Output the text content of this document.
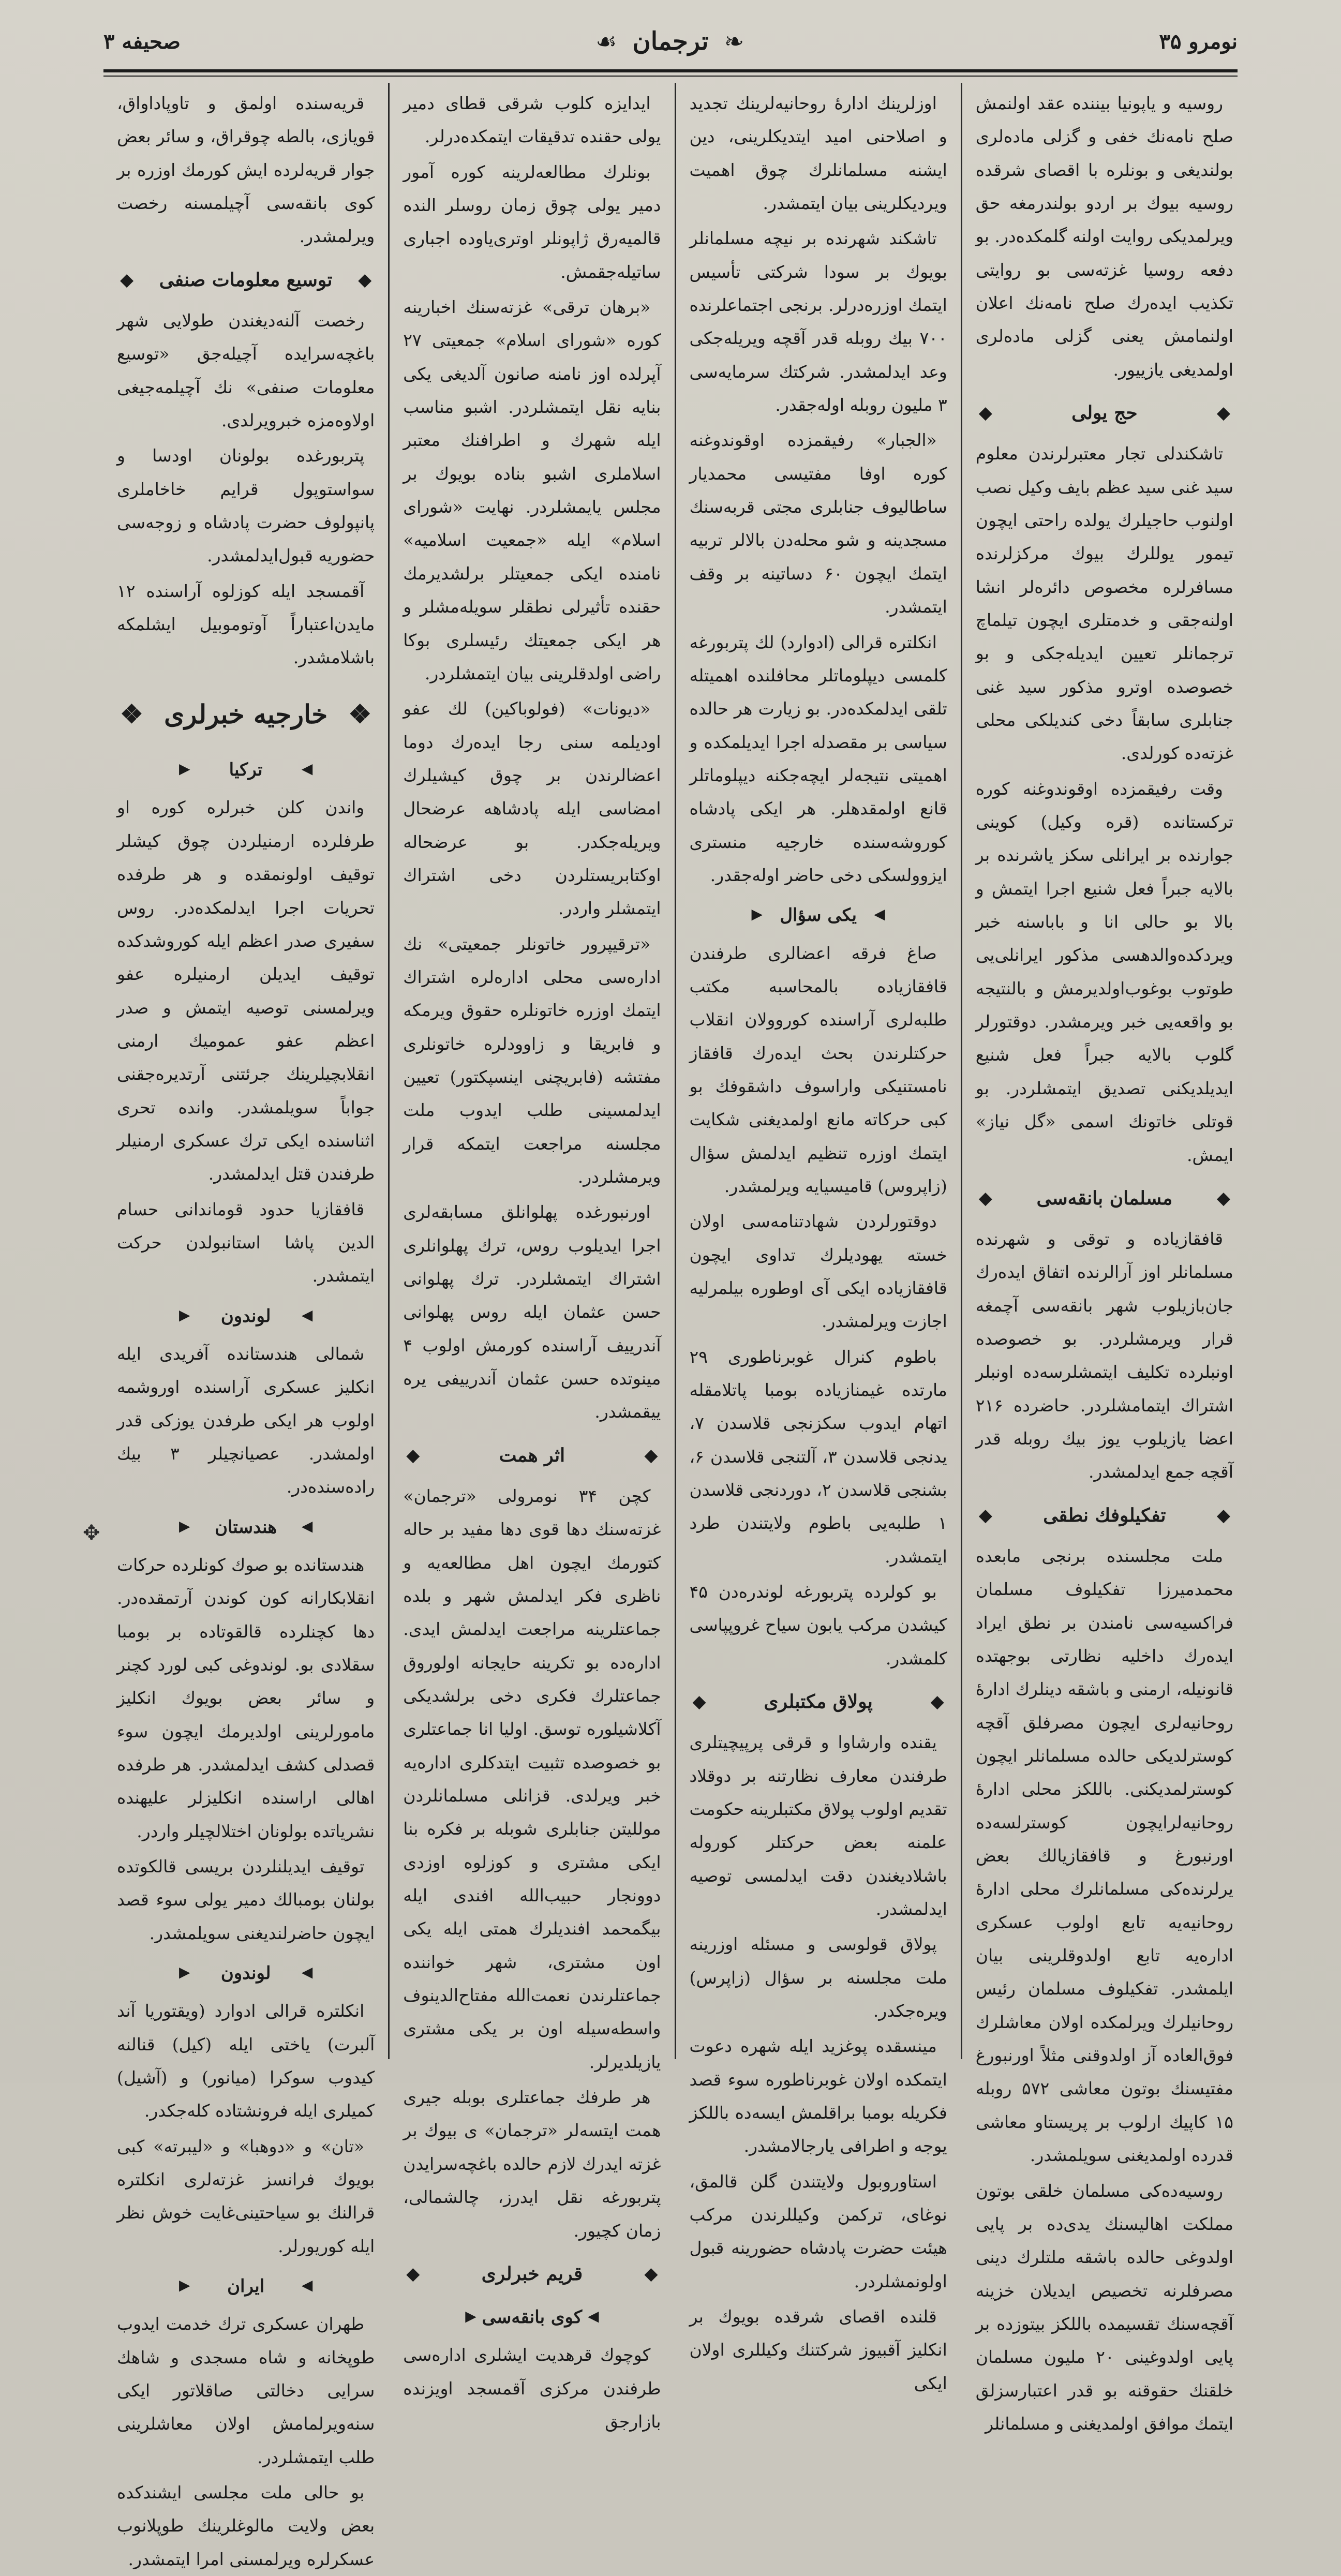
نومرو ۳۵
❧
ترجمان
☙
صحيفه ۳
روسيه و ياپونيا بيننده عقد اولنمش صلح نامه‌نك خفى و گزلى ماده‌لرى بولنديغى و بونلره با اقصاى شرقده روسيه بيوك بر اردو بولندرمغه حق ويرلمديكى روايت اولنه گلمكده‌در. بو دفعه روسيا غزته‌سى بو روايتى تكذيب ايده‌رك صلح نامه‌نك اعلان اولنمامش يعنى گزلى ماده‌لرى اولمديغى يازييور.
◆ حج يولى ◆
تاشكندلى تجار معتبرلرندن معلوم سيد غنى سيد عظم بايف وكيل نصب اولنوب حاجيلرك يولده راحتى ايچون تيمور يوللرك بيوك مركزلرنده مسافرلره مخصوص دائره‌لر انشا اولنه‌جقى و خدمتلرى ايچون تيلماچ ترجمانلر تعيين ايديله‌جكى و بو خصوصده اوترو مذكور سيد غنى جنابلرى سابقاً دخى كنديلكى محلى غزته‌ده كورلدى.
وقت رفيقمزده اوقوندوغنه كوره تركستانده (قره وكيل) كوينى جوارنده بر ايرانلى سكز ياشرنده بر بالايه جبراً فعل شنيع اجرا ايتمش و بالا بو حالى انا و باباسنه خبر ويردكده‌والدهسى مذكور ايرانلى‌يى طوتوب بوغوب‌اولديرمش و بالنتيجه بو واقعه‌يى خبر ويرمشدر. دوقتورلر گلوب بالايه جبراً فعل شنيع ايديلديكنى تصديق ايتمشلردر. بو قوتلى خاتونك اسمى «گل نياز» ايمش.
◆ مسلمان بانقه‌سى ◆
قافقازياده و توقى و شهرنده مسلمانلر اوز آرالرنده اتفاق ايده‌رك جان‌بازيلوب شهر بانقه‌سى آچمغه قرار ويرمشلردر. بو خصوصده اونبلرده تكليف ايتمشلرسه‌ده اونبلر اشتراك ايتمامشلردر. حاضرده ۲۱۶ اعضا يازيلوب يوز بيك روبله قدر آقچه جمع ايدلمشدر.
◆ تفكيلوفك نطقى ◆
ملت مجلسنده برنجى مابعده محمدميرزا تفكيلوف مسلمان فراكسيه‌سى نامندن بر نطق ايراد ايده‌رك داخليه نظارتى بوجهتده قانونيله، ارمنى و باشقه دينلرك ادارهٔ روحانيه‌لرى ايچون مصرفلق آقچه كوسترلديكى حالده مسلمانلر ايچون كوسترلمديكنى. باللكز محلى ادارهٔ روحانيه‌لرايچون كوسترلسه‌ده اورنبورغ و قافقازيالك بعض يرلرنده‌كى مسلمانلرك محلى ادارهٔ روحانيه‌يه تابع اولوب عسكرى اداره‌يه تابع اولدوقلرينى بيان ايلمشدر. تفكيلوف مسلمان رئيس روحانيلرك ويرلمكده اولان معاشلرك فوق‌العاده آز اولدوقنى مثلاً اورنبورغ مفتيسنك بوتون معاشى ۵۷۲ روبله ۱۵ كاپيك ارلوب بر پريستاو معاشى قدرده اولمديغنى سويلمشدر.
روسيه‌ده‌كى مسلمان خلقى بوتون مملكت اهاليسنك يدى‌ده بر پايى اولدوغى حالده باشقه ملتلرك دينى مصرفلرنه تخصيص ايديلان خزينه آقچه‌سنك تقسيمده باللكز بيتوزده بر پايى اولدوغينى ۲۰ مليون مسلمان خلقنك حقوقنه بو قدر اعتبارسزلق ايتمك موافق اولمديغنى و مسلمانلر
اوزلرينك ادارهٔ روحانيه‌لرينك تجديد و اصلاحنى اميد ايتديكلرينى، دين ايشنه مسلمانلرك چوق اهميت ويرديكلرينى بيان ايتمشدر.
تاشكند شهرنده بر نيچه مسلمانلر بويوك بر سودا شركتى تأسيس ايتمك اوزره‌درلر. برنجى اجتماعلرنده ۷۰۰ بيك روبله قدر آقچه ويريله‌جكى وعد ايدلمشدر. شركتك سرمايه‌سى ۳ مليون روبله اوله‌جقدر.
«الجبار» رفيقمزده اوقوندوغنه كوره اوفا مفتيسى محمديار ساطاليوف جنابلرى مجتى قربه‌سنك مسجدينه و شو محله‌دن بالالر تربيه ايتمك ايچون ۶۰ دساتينه بر وقف ايتمشدر.
انكلتره قرالى (ادوارد) لك پتربورغه كلمسى ديپلوماتلر محافلنده اهميتله تلقى ايدلمكده‌در. بو زيارت هر حالده سياسى بر مقصدله اجرا ايديلمكده و اهميتى نتيجه‌لر ايچه‌جكنه ديپلوماتلر قانع اولمقدهلر. هر ايكى پادشاه كوروشه‌سنده خارجيه منسترى ايزوولسكى دخى حاضر اوله‌جقدر.
◀ يكى سؤال ▶
صاغ فرقه اعضالرى طرفندن قافقازياده بالمحاسبه مكتب طلبه‌لرى آراسنده كوروولان انقلاب حركتلرندن بحث ايده‌رك قافقاز نامستنيكى واراسوف داشقوفك بو كبى حركاته مانع اولمديغنى شكايت ايتمك اوزره تنظيم ايدلمش سؤال (زاپروس) قاميسيايه ويرلمشدر.
دوقتورلردن شهادتنامه‌سى اولان خسته يهوديلرك تداوى ايچون قافقازياده ايكى آى اوطوره بيلمرليه اجازت ويرلمشدر.
باطوم كنرال غوبرناطورى ۲۹ مارتده غيمنازياده بومبا پاتلامقله اتهام ايدوب سكزنجى قلاسدن ۷، يدنجى قلاسدن ۳، آلتنجى قلاسدن ۶، بشنجى قلاسدن ۲، دوردنجى قلاسدن ۱ طلبه‌يى باطوم ولايتندن طرد ايتمشدر.
بو كولرده پتربورغه لوندره‌دن ۴۵ كيشدن مركب يابون سياح غروپپاسى كلمشدر.
◆ پولاق مكتبلرى ◆
يقنده وارشاوا و قرقى پرپيچيتلرى طرفندن معارف نظارتنه بر دوقلاد تقديم اولوب پولاق مكتبلرينه حكومت علمنه بعض حركتلر كوروله باشلاديغندن دقت ايدلمسى توصيه ايدلمشدر.
پولاق قولوسى و مسئله اوزرينه ملت مجلسنه بر سؤال (زاپرس) ويره‌جكدر.
مينسقده پوغزيد ايله شهره دعوت ايتمكده اولان غوبرناطوره سوء قصد فكريله بومبا براقلمش ايسه‌ده باللكز يوجه و اطرافى يارجالامشدر.
استاوروبول ولايتندن گلن قالمق، نوغاى، تركمن وكيللرندن مركب هيئت حضرت پادشاه حضورينه قبول اولونمشلردر.
قلنده اقصاى شرقده بويوك بر انكليز آقبيوز شركتنك وكيللرى اولان ايكى
ايدايزه كلوب شرقى قطاى دمير يولى حقنده تدقيقات ايتمكده‌درلر.
بونلرك مطالعه‌لرينه كوره آمور دمير يولى چوق زمان روسلر النده قالميه‌رق ژاپونلر اوترى‌ياوده اجبارى ساتيله‌جقمش.
«برهان ترقى» غزته‌سنك اخبارينه كوره «شوراى اسلام» جمعيتى ۲۷ آپرلده اوز نامنه صانون آلديغى يكى بنايه نقل ايتمشلردر. اشبو مناسب ايله شهرك و اطرافنك معتبر اسلاملرى اشبو بناده بويوك بر مجلس يايمشلردر. نهايت «شوراى اسلام» ايله «جمعيت اسلاميه» نامنده ايكى جمعيتلر برلشديرمك حقنده تأثيرلى نطقلر سويله‌مشلر و هر ايكى جمعيتك رئيسلرى بوكا راضى اولدقلرينى بيان ايتمشلردر.
«ديونات» (فولوباكين) لك عفو اوديلمه سنى رجا ايده‌رك دوما اعضالرندن بر چوق كيشيلرك امضاسى ايله پادشاهه عرضحال ويريله‌جكدر. بو عرضحاله اوكتابريستلردن دخى اشتراك ايتمشلر واردر.
«ترقيپرور خاتونلر جمعيتى» نك اداره‌سى محلى اداره‌لره اشتراك ايتمك اوزره خاتونلره حقوق ويرمكه و فابريقا و زاوودلره خاتونلرى مفتشه (فابريچنى اينسپكتور) تعيين ايدلمسينى طلب ايدوب ملت مجلسنه مراجعت ايتمكه قرار ويرمشلردر.
اورنبورغده پهلوانلق مسابقه‌لرى اجرا ايديلوب روس، ترك پهلوانلرى اشتراك ايتمشلردر. ترك پهلوانى حسن عثمان ايله روس پهلوانى آندرييف آراسنده كورمش اولوب ۴ مينوتده حسن عثمان آندرييفى يره ييقمشدر.
◆ اثر همت ◆
كچن ۳۴ نومرولى «ترجمان» غزته‌سنك دها قوى دها مفيد بر حاله كتورمك ايچون اهل مطالعه‌يه و ناظرى فكر ايدلمش شهر و بلده جماعتلرينه مراجعت ايدلمش ايدى. اداره‌ده بو تكرينه حايجانه اولوروق جماعتلرك فكرى دخى برلشديكى آكلاشيلوره توسق. اوليا انا جماعتلرى بو خصوصده تثبيت ايتدكلرى اداره‌يه خبر ويرلدى. قزانلى مسلمانلردن مولليتن جنابلرى شوبله بر فكره بنا ايكى مشترى و كوزلوه اوزدى دوونجار حبيب‌الله افندى ايله بيگمحمد افنديلرك همتى ايله يكى اون مشترى، شهر خواننده جماعتلرندن نعمت‌الله مفتاح‌الدينوف واسطه‌سيله اون بر يكى مشترى يازيلديرلر.
هر طرفك جماعتلرى بوبله جيرى همت ايتسه‌لر «ترجمان» ى بيوك بر غزته ايدرك لازم حالده باغچه‌سرايدن پتربورغه نقل ايدرز، چالشمالى، زمان كچيور.
◆ قريم خبرلرى ◆
◀ كوى بانقه‌سى ▶
كوچوك قرهديت ايشلرى اداره‌سى طرفندن مركزى آقمسجد اويزنده بازارجق
قريه‌سنده اولمق و تاوپاداواق، قويازى، بالطه چوقراق، و سائر بعض جوار قريه‌لرده ايش كورمك اوزره بر كوى بانقه‌سى آچيلمسنه رخصت ويرلمشدر.
◆ توسيع معلومات صنفى ◆
رخصت آلنه‌ديغندن طولايى شهر باغچه‌سرايده آچيله‌جق «توسيع معلومات صنفى» نك آچيلمه‌جيغى اولاوه‌مزه خبرويرلدى.
پتربورغده بولونان اودسا و سواستوپول قرايم خاخاملرى پانپولوف حضرت پادشاه و زوجه‌سى حضوريه قبول‌ايدلمشدر.
آقمسجد ايله كوزلوه آراسنده ۱۲ مايدن‌اعتباراً آوتوموبيل ايشلمكه باشلامشدر.
❖ خارجيه خبرلرى ❖
◀ تركيا ▶
واندن كلن خبرلره كوره او طرفلرده ارمنيلردن چوق كيشلر توقيف اولونمقده و هر طرفده تحريات اجرا ايدلمكده‌در. روس سفيرى صدر اعظم ايله كوروشدكده توقيف ايديلن ارمنيلره عفو ويرلمسنى توصيه ايتمش و صدر اعظم عفو عموميك ارمنى انقلابچيلرينك جرئتنى آرتديره‌جقنى جواباً سويلمشدر. وانده تحرى اثناسنده ايكى ترك عسكرى ارمنيلر طرفندن قتل ايدلمشدر.
قافقازيا حدود قوماندانى حسام الدين پاشا استانبولدن حركت ايتمشدر.
◀ لوندون ▶
شمالى هندستانده آفريدى ايله انكليز عسكرى آراسنده اوروشمه اولوب هر ايكى طرفدن يوزكى قدر اولمشدر. عصيانچيلر ۳ بيك راده‌سنده‌در.
◀ هندستان ▶
هندستانده بو صوك كونلرده حركات انقلابكارانه كون كوندن آرتمقده‌در. دها كچنلرده قالقوتاده بر بومبا سقلادى بو. لوندوغى كبى لورد كچنر و سائر بعض بويوك انكليز مامورلرينى اولديرمك ايچون سوء قصدلى كشف ايدلمشدر. هر طرفده اهالى اراسنده انكليزلر عليهنده نشرياتده بولونان اختلالچيلر واردر.
توقيف ايديلنلردن بريسى قالكوتده بولنان بومبالك دمير يولى سوء قصد ايچون حاضرلنديغنى سويلمشدر.
◀ لوندون ▶
انكلتره قرالى ادوارد (ويقتوريا آند آلبرت) ياختى ايله (كيل) قنالنه كيدوب سوكرا (ميانور) و (آشيل) كميلرى ايله فرونشتاده كله‌جكدر.
«تان» و «دوهبا» و «ليبرته» كبى بويوك فرانسز غزته‌لرى انكلتره قرالنك بو سياحتينى‌غايت خوش نظر ايله كوريورلر.
◀ ايران ▶
طهران عسكرى ترك خدمت ايدوب طوپخانه و شاه مسجدى و شاهك سرايى دخالتى صاقلاتور ايكى سنه‌ويرلمامش اولان معاشلرينى طلب ايتمشلردر.
بو حالى ملت مجلسى ايشندكده بعض ولايت مالوغلرينك طوپلانوب عسكرلره ويرلمسنى امرا ايتمشدر.
✥
